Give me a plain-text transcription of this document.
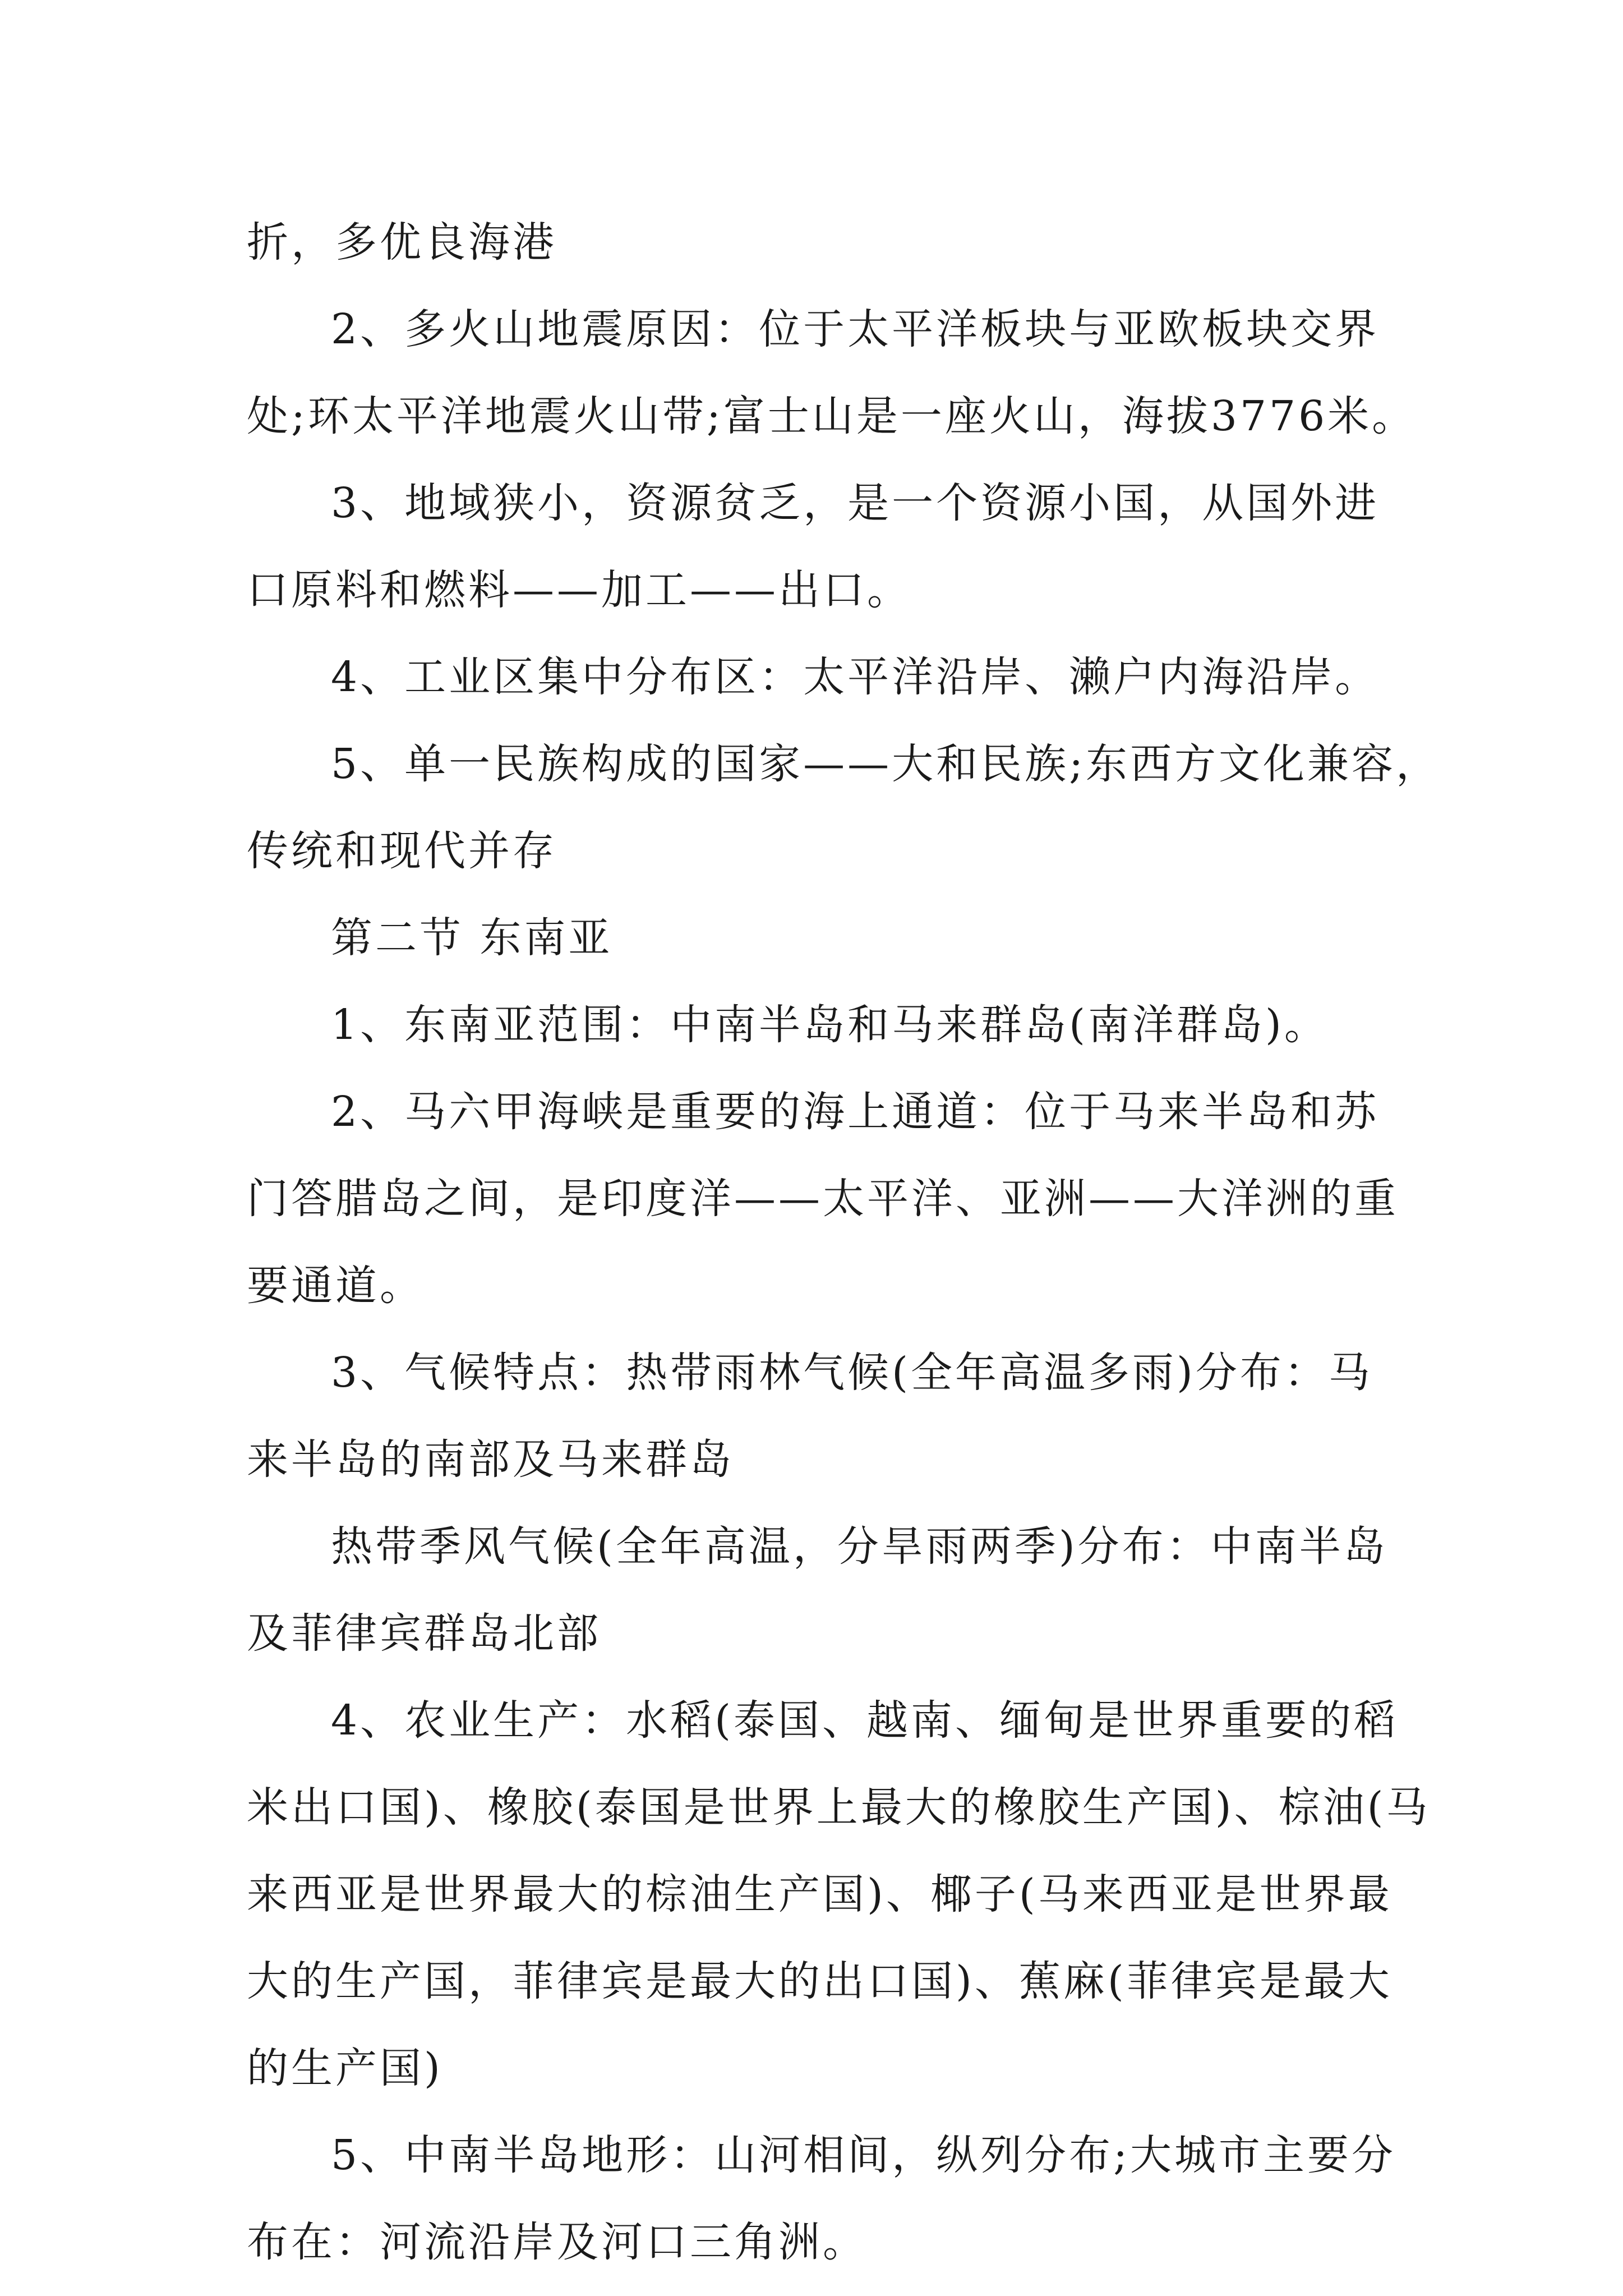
折，多优良海港
2、多火山地震原因：位于太平洋板块与亚欧板块交界
处;环太平洋地震火山带;富士山是一座火山，海拔3776米。
3、地域狭小，资源贫乏，是一个资源小国，从国外进
口原料和燃料——加工——出口。
4、工业区集中分布区：太平洋沿岸、濑户内海沿岸。
5、单一民族构成的国家——大和民族;东西方文化兼容，
传统和现代并存
第二节 东南亚
1、东南亚范围：中南半岛和马来群岛(南洋群岛)。
2、马六甲海峡是重要的海上通道：位于马来半岛和苏
门答腊岛之间，是印度洋——太平洋、亚洲——大洋洲的重
要通道。
3、气候特点：热带雨林气候(全年高温多雨)分布：马
来半岛的南部及马来群岛
热带季风气候(全年高温，分旱雨两季)分布：中南半岛
及菲律宾群岛北部
4、农业生产：水稻(泰国、越南、缅甸是世界重要的稻
米出口国)、橡胶(泰国是世界上最大的橡胶生产国)、棕油(马
来西亚是世界最大的棕油生产国)、椰子(马来西亚是世界最
大的生产国，菲律宾是最大的出口国)、蕉麻(菲律宾是最大
的生产国)
5、中南半岛地形：山河相间，纵列分布;大城市主要分
布在：河流沿岸及河口三角洲。
